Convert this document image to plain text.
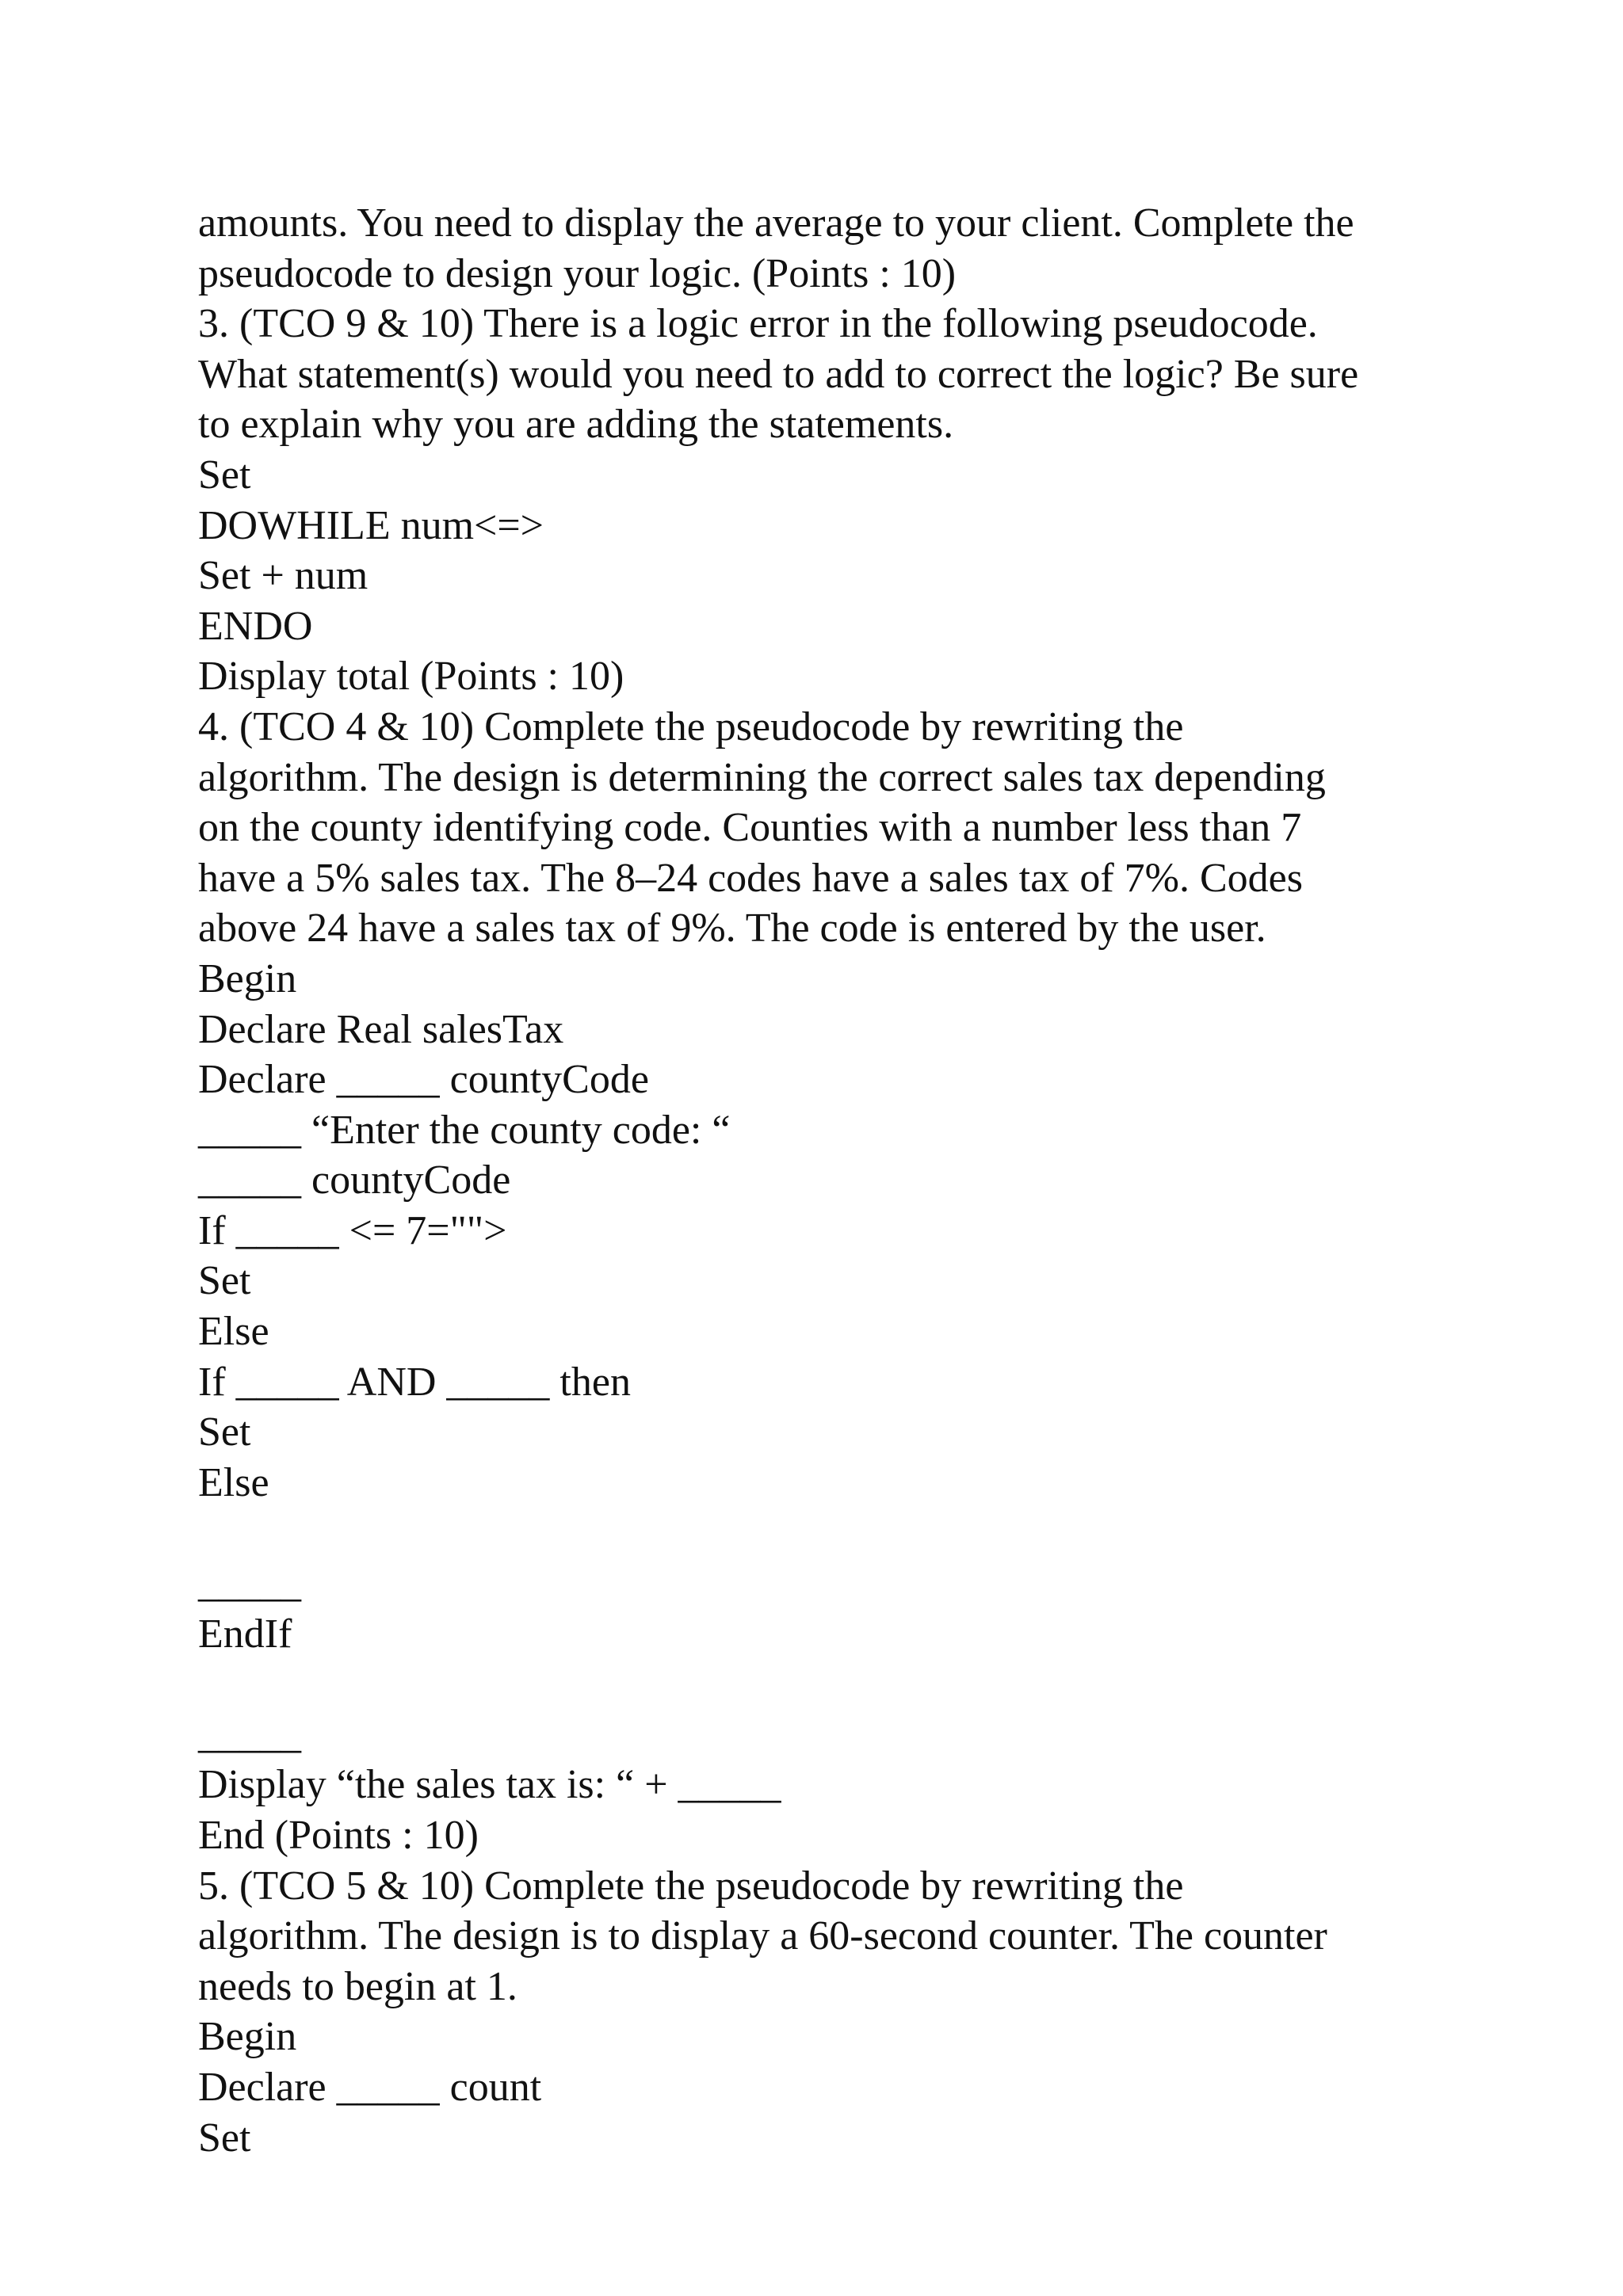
amounts. You need to display the average to your client. Complete the
pseudocode to design your logic. (Points : 10)
3. (TCO 9 & 10) There is a logic error in the following pseudocode.
What statement(s) would you need to add to correct the logic? Be sure
to explain why you are adding the statements.
Set
DOWHILE num<=>
Set + num
ENDO
Display total (Points : 10)
4. (TCO 4 & 10) Complete the pseudocode by rewriting the
algorithm. The design is determining the correct sales tax depending
on the county identifying code. Counties with a number less than 7
have a 5% sales tax. The 8–24 codes have a sales tax of 7%. Codes
above 24 have a sales tax of 9%. The code is entered by the user.
Begin
Declare Real salesTax
Declare _____ countyCode
_____ “Enter the county code: “
_____ countyCode
If _____ <= 7="">
Set
Else
If _____ AND _____ then
Set
Else
_____
EndIf
_____
Display “the sales tax is: “ + _____
End (Points : 10)
5. (TCO 5 & 10) Complete the pseudocode by rewriting the
algorithm. The design is to display a 60-second counter. The counter
needs to begin at 1.
Begin
Declare _____ count
Set
